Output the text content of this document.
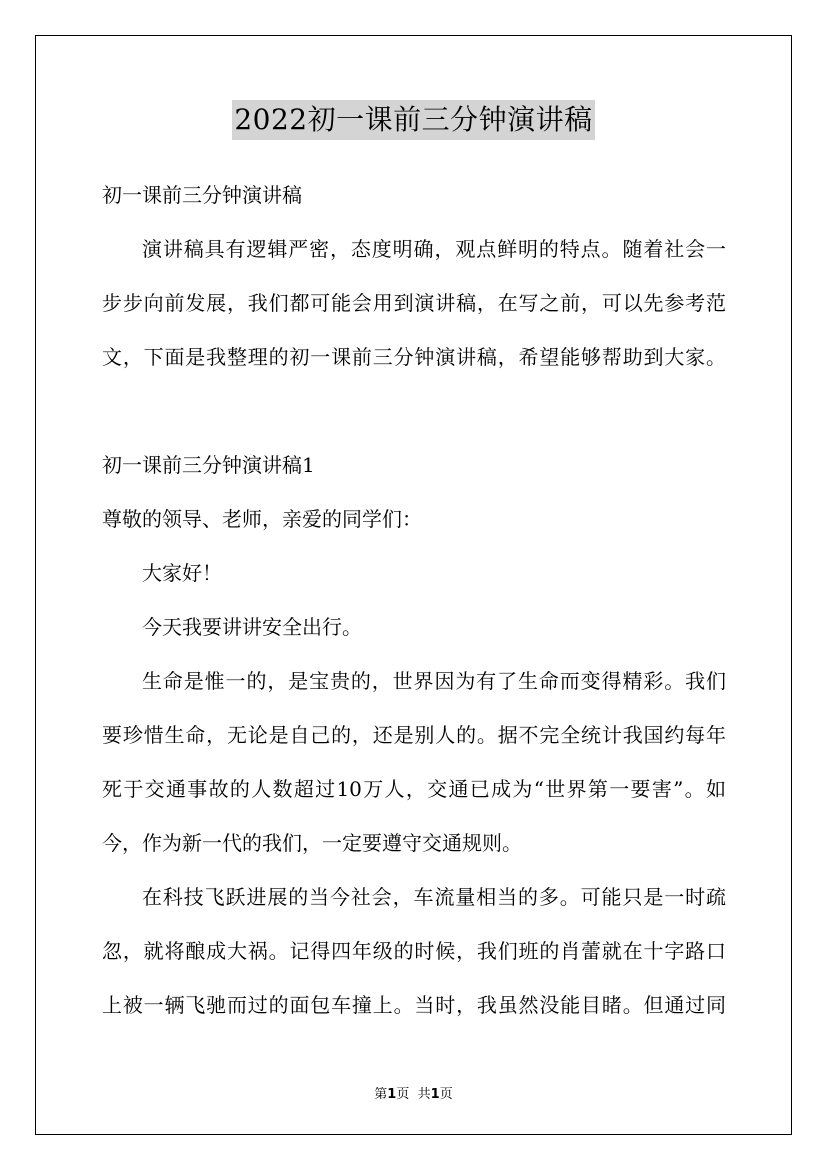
2022初一课前三分钟演讲稿
初一课前三分钟演讲稿
演讲稿具有逻辑严密，态度明确，观点鲜明的特点。随着社会一
步步向前发展，我们都可能会用到演讲稿，在写之前，可以先参考范
文，下面是我整理的初一课前三分钟演讲稿，希望能够帮助到大家。
初一课前三分钟演讲稿1
尊敬的领导、老师，亲爱的同学们：
大家好！
今天我要讲讲安全出行。
生命是惟一的，是宝贵的，世界因为有了生命而变得精彩。我们
要珍惜生命，无论是自己的，还是别人的。据不完全统计我国约每年
死于交通事故的人数超过10万人，交通已成为“世界第一要害”。如
今，作为新一代的我们，一定要遵守交通规则。
在科技飞跃进展的当今社会，车流量相当的多。可能只是一时疏
忽，就将酿成大祸。记得四年级的时候，我们班的肖蕾就在十字路口
上被一辆飞驰而过的面包车撞上。当时，我虽然没能目睹。但通过同
第1页 共1页
